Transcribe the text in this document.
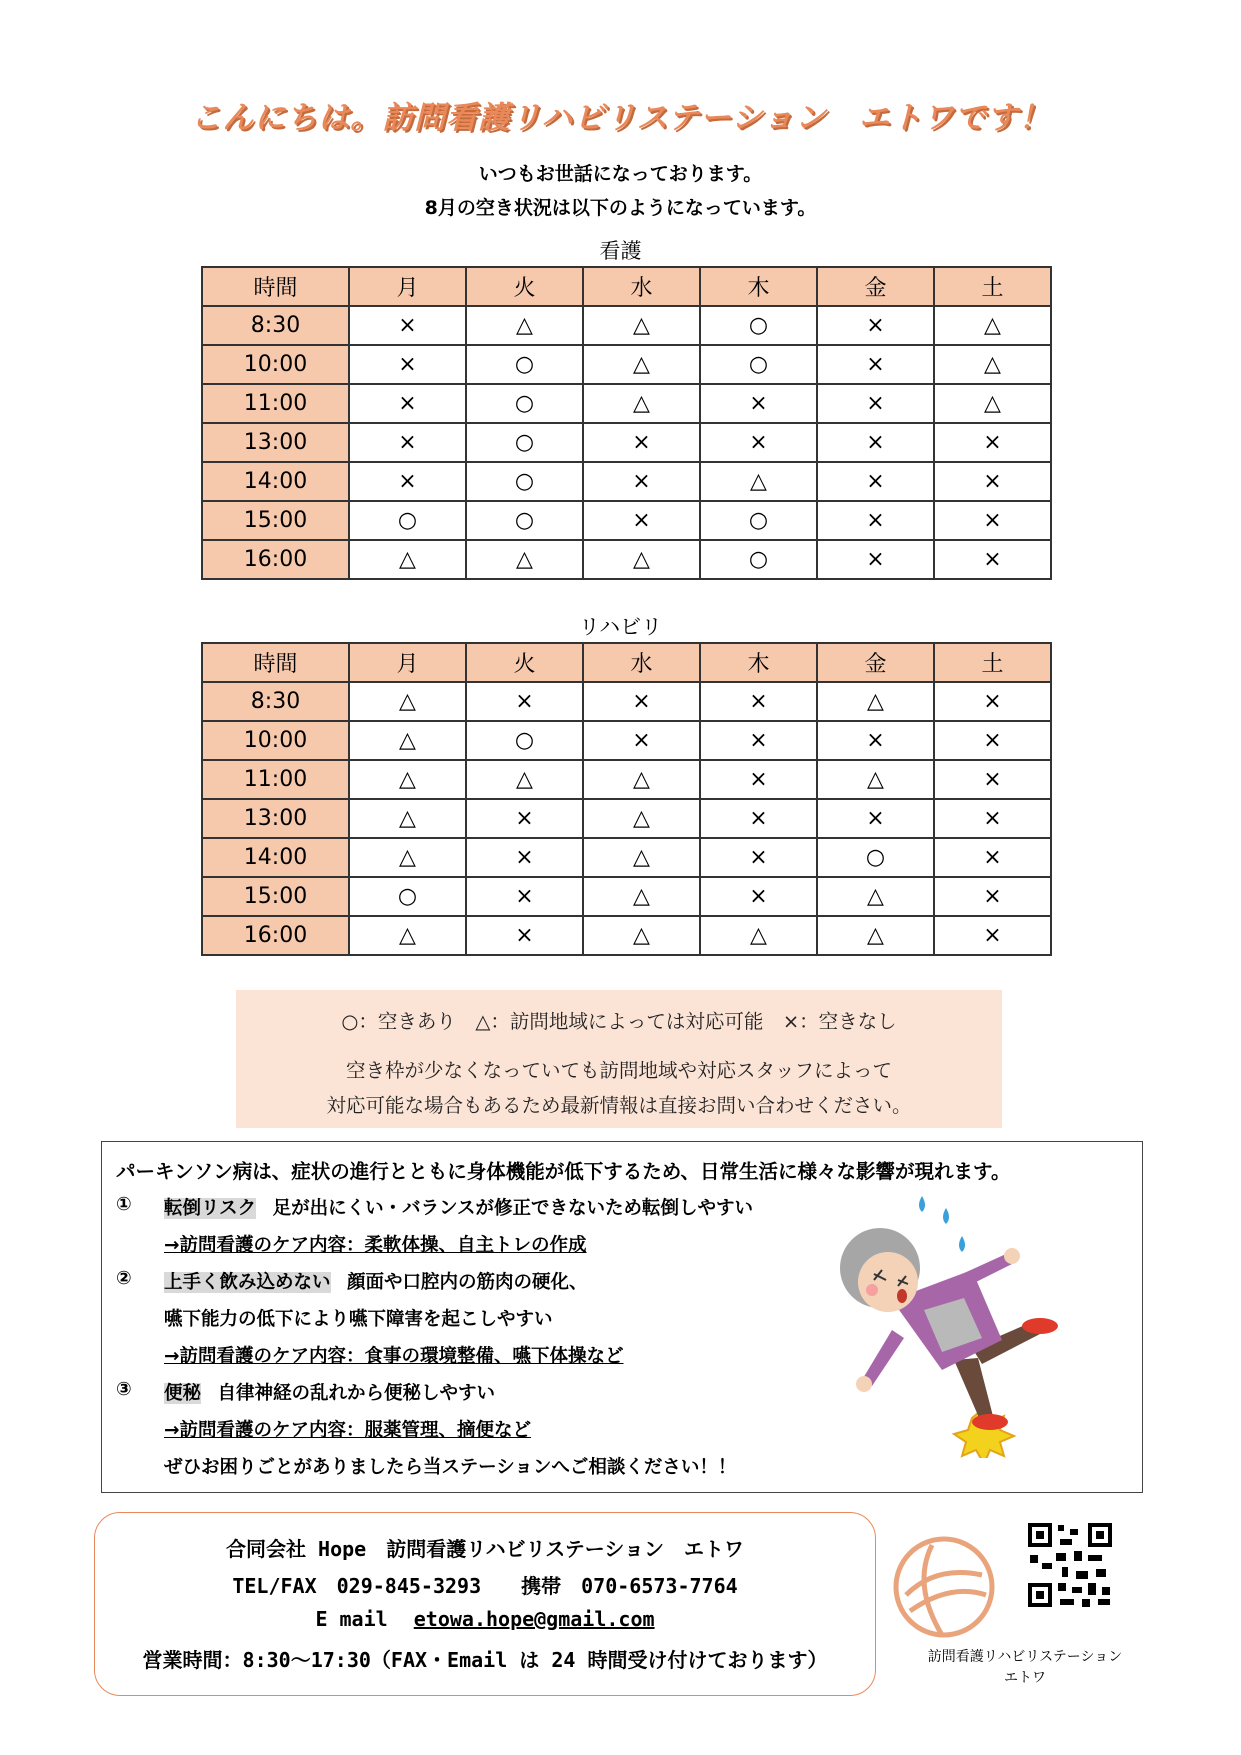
こんにちは。訪問看護リハビリステーション　エトワです！
いつもお世話になっております。
8月の空き状況は以下のようになっています。
看護
時間	月	火	水	木	金	土
8:30	×	△	△	○	×	△
10:00	×	○	△	○	×	△
11:00	×	○	△	×	×	△
13:00	×	○	×	×	×	×
14:00	×	○	×	△	×	×
15:00	○	○	×	○	×	×
16:00	△	△	△	○	×	×
リハビリ
時間	月	火	水	木	金	土
8:30	△	×	×	×	△	×
10:00	△	○	×	×	×	×
11:00	△	△	△	×	△	×
13:00	△	×	△	×	×	×
14:00	△	×	△	×	○	×
15:00	○	×	△	×	△	×
16:00	△	×	△	△	△	×
○：空きあり　△：訪問地域によっては対応可能　×：空きなし
空き枠が少なくなっていても訪問地域や対応スタッフによって
対応可能な場合もあるため最新情報は直接お問い合わせください。
パーキンソン病は、症状の進行とともに身体機能が低下するため、日常生活に様々な影響が現れます。
① 転倒リスク 足が出にくい・バランスが修正できないため転倒しやすい
→訪問看護のケア内容：柔軟体操、自主トレの作成
② 上手く飲み込めない 顔面や口腔内の筋肉の硬化、
嚥下能力の低下により嚥下障害を起こしやすい
→訪問看護のケア内容：食事の環境整備、嚥下体操など
③ 便秘 自律神経の乱れから便秘しやすい
→訪問看護のケア内容：服薬管理、摘便など
ぜひお困りごとがありましたら当ステーションへご相談ください！！
合同会社 Hope　訪問看護リハビリステーション　エトワ
TEL/FAX　029-845-3293　　携帯　070-6573-7764
E mail etowa.hope@gmail.com
営業時間：8:30～17:30（FAX・Email は 24 時間受け付けております）	訪問看護リハビリステーション
エトワ
